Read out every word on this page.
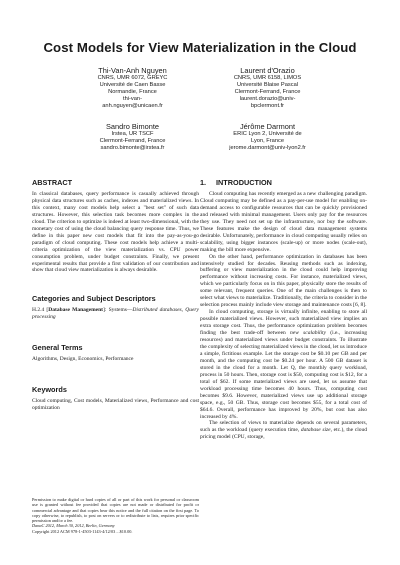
Cost Models for View Materialization in the Cloud
Thi-Van-Anh Nguyen
CNRS, UMR 6072, GREYC
Université de Caen Basse
Normandie, France
thi-van-
anh.nguyen@unicaen.fr
Laurent d'Orazio
CNRS, UMR 6158, LIMOS
Université Blaise Pascal
Clermont-Ferrand, France
laurent.dorazio@univ-
bpclermont.fr
Sandro Bimonte
Irstea, UR TSCF
Clermont-Ferrand, France
sandro.bimonte@irstea.fr
Jérôme Darmont
ERIC Lyon 2, Université de
Lyon, France
jerome.darmont@univ-lyon2.fr
ABSTRACT

In classical databases, query performance is casually achieved through physical data structures such as caches, indexes and materialized views. In this context, many cost models help select a "best set" of such data structures. However, this selection task becomes more complex in the cloud. The criterion to optimize is indeed at least two-dimensional, with the monetary cost of using the cloud balancing query response time. Thus, we define in this paper new cost models that fit into the pay-as-you-go paradigm of cloud computing. These cost models help achieve a multi-criteria optimization of the view materialization vs. CPU power consumption problem, under budget constraints. Finally, we present experimental results that provide a first validation of our contribution and show that cloud view materialization is always desirable.

Categories and Subject Descriptors

H.2.4 [Database Management]: Systems—Distributed databases, Query processing

General Terms

Algorithms, Design, Economics, Performance

Keywords

Cloud computing, Cost models, Materialized views, Performance and cost optimization

Permission to make digital or hard copies of all or part of this work for personal or classroom use is granted without fee provided that copies are not made or distributed for profit or commercial advantage and that copies bear this notice and the full citation on the first page. To copy otherwise, to republish, to post on servers or to redistribute to lists, requires prior specific permission and/or a fee.
DanaC 2012, March 30, 2012, Berlin, Germany
Copyright 2012 ACM 978-1-4503-1143-4/12/03 ...$10.00.
1. INTRODUCTION

Cloud computing has recently emerged as a new challenging paradigm. Cloud computing may be defined as a pay-per-use model for enabling on-demand access to configurable resources that can be quickly provisioned and released with minimal management. Users only pay for the resources they use. They need not set up the infrastructure, nor buy the software. These features make the design of cloud data management systems desirable. Unfortunately, performance in cloud computing usually relies on scalability, using bigger instances (scale-up) or more nodes (scale-out), making the bill more expensive.

On the other hand, performance optimization in databases has been intensively studied for decades. Reusing methods such as indexing, buffering or view materialization in the cloud could help improving performance without increasing costs. For instance, materialized views, which we particularly focus on in this paper, physically store the results of some relevant, frequent queries. One of the main challenges is then to select what views to materialize. Traditionally, the criteria to consider in the selection process mainly include view storage and maintenance costs [6, 8].

In cloud computing, storage is virtually infinite, enabling to store all possible materialized views. However, such materialized view implies an extra storage cost. Thus, the performance optimization problem becomes finding the best trade-off between new scalability (i.e., increasing resources) and materialized views under budget constraints. To illustrate the complexity of selecting materialized views in the cloud, let us introduce a simple, fictitious example. Let the storage cost be $0.10 per GB and per month, and the computing cost be $0.24 per hour. A 500 GB dataset is stored in the cloud for a month. Let Q, the monthly query workload, process in 50 hours. Then, storage cost is $50, computing cost is $12, for a total of $62. If some materialized views are used, let us assume that workload processing time becomes 40 hours. Thus, computing cost becomes $9.6. However, materialized views use up additional storage space, e.g., 50 GB. Thus, storage cost becomes $55, for a total cost of $64.6. Overall, performance has improved by 20%, but cost has also increased by 4%.

The selection of views to materialize depends on several parameters, such as the workload (query execution time, database size, etc.), the cloud pricing model (CPU, storage,
